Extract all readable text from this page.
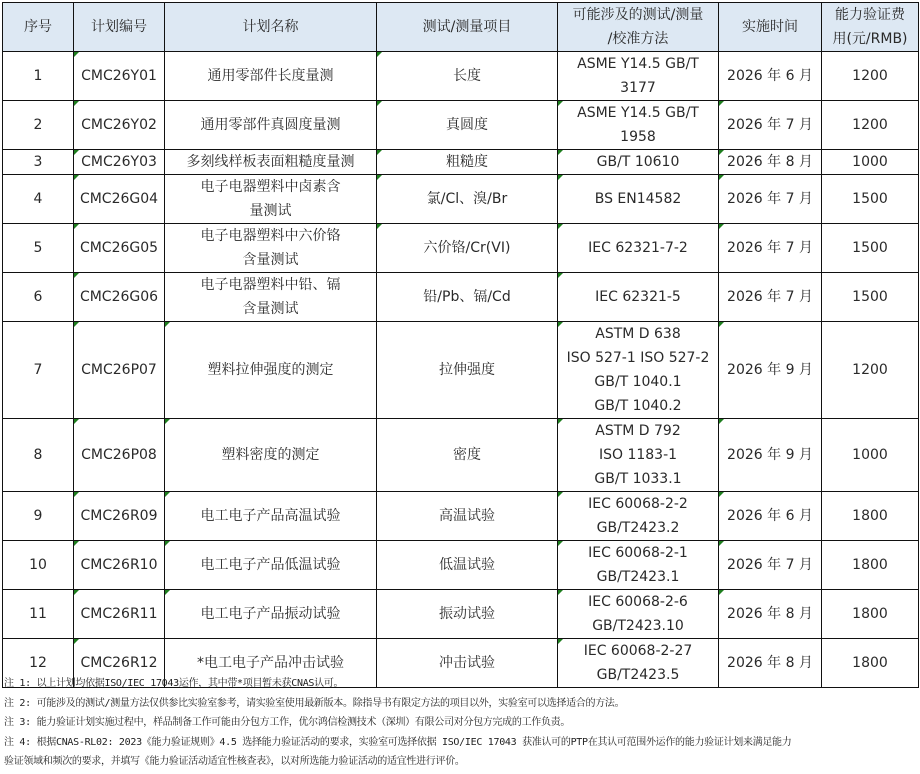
序号	计划编号	计划名称	测试/测量项目	可能涉及的测试/测量
/校准方法	实施时间	能力验证费
用(元/RMB)

1	CMC26Y01	通用零部件长度量测	长度	ASME Y14.5 GB/T
3177	2026 年 6 月	1200
2	CMC26Y02	通用零部件真圆度量测	真圆度	ASME Y14.5 GB/T
1958	2026 年 7 月	1200
3	CMC26Y03	多刻线样板表面粗糙度量测	粗糙度	GB/T 10610	2026 年 8 月	1000
4	CMC26G04	电子电器塑料中卤素含
量测试	氯/Cl、溴/Br	BS EN14582	2026 年 7 月	1500
5	CMC26G05	电子电器塑料中六价铬
含量测试	六价铬/Cr(VI)	IEC 62321-7-2	2026 年 7 月	1500
6	CMC26G06	电子电器塑料中铅、镉
含量测试	铅/Pb、镉/Cd	IEC 62321-5	2026 年 7 月	1500
7	CMC26P07	塑料拉伸强度的测定	拉伸强度	ASTM D 638
ISO 527-1 ISO 527-2
GB/T 1040.1
GB/T 1040.2	2026 年 9 月	1200
8	CMC26P08	塑料密度的测定	密度	ASTM D 792
ISO 1183-1
GB/T 1033.1	2026 年 9 月	1000
9	CMC26R09	电工电子产品高温试验	高温试验	IEC 60068-2-2
GB/T2423.2	2026 年 6 月	1800
10	CMC26R10	电工电子产品低温试验	低温试验	IEC 60068-2-1
GB/T2423.1	2026 年 7 月	1800
11	CMC26R11	电工电子产品振动试验	振动试验	IEC 60068-2-6
GB/T2423.10	2026 年 8 月	1800
12	CMC26R12	*电工电子产品冲击试验	冲击试验	IEC 60068-2-27
GB/T2423.5	2026 年 8 月	1800
注 1: 以上计划均依据ISO/IEC 17043运作，其中带*项目暂未获CNAS认可。
注 2: 可能涉及的测试/测量方法仅供参比实验室参考，请实验室使用最新版本。除指导书有限定方法的项目以外，实验室可以选择适合的方法。
注 3: 能力验证计划实施过程中，样品制备工作可能由分包方工作，优尔鸿信检测技术（深圳）有限公司对分包方完成的工作负责。
注 4: 根据CNAS-RL02: 2023《能力验证规则》4.5 选择能力验证活动的要求，实验室可选择依据 ISO/IEC 17043 获准认可的PTP在其认可范围外运作的能力验证计划来满足能力
验证领域和频次的要求，并填写《能力验证活动适宜性核查表》，以对所选能力验证活动的适宜性进行评价。
